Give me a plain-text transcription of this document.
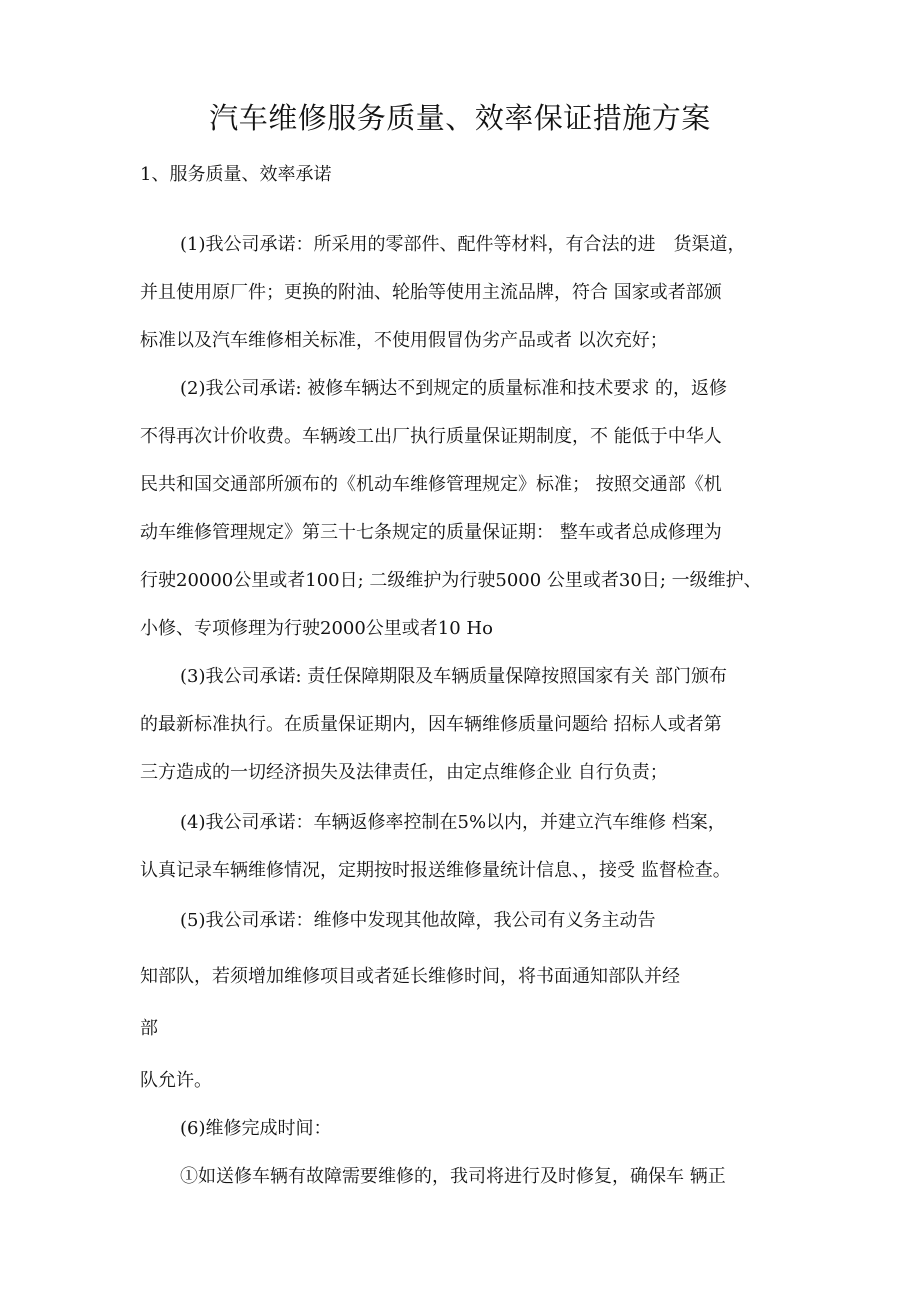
汽车维修服务质量、效率保证措施方案
1、服务质量、效率承诺
(1)我公司承诺：所采用的零部件、配件等材料，有合法的进　货渠道，
并且使用原厂件；更换的附油、轮胎等使用主流品牌，符合 国家或者部颁
标准以及汽车维修相关标准，不使用假冒伪劣产品或者 以次充好；
(2)我公司承诺: 被修车辆达不到规定的质量标准和技术要求 的，返修
不得再次计价收费。车辆竣工出厂执行质量保证期制度，不 能低于中华人
民共和国交通部所颁布的《机动车维修管理规定》标准； 按照交通部《机
动车维修管理规定》第三十七条规定的质量保证期： 整车或者总成修理为
行驶20000公里或者100日; 二级维护为行驶5000 公里或者30日; 一级维护、
小修、专项修理为行驶2000公里或者10 Ho
(3)我公司承诺: 责任保障期限及车辆质量保障按照国家有关 部门颁布
的最新标准执行。在质量保证期内，因车辆维修质量问题给 招标人或者第
三方造成的一切经济损失及法律责任，由定点维修企业 自行负责；
(4)我公司承诺：车辆返修率控制在5%以内，并建立汽车维修 档案，
认真记录车辆维修情况，定期按时报送维修量统计信息、，接受 监督检查。
(5)我公司承诺：维修中发现其他故障，我公司有义务主动告
知部队，若须增加维修项目或者延长维修时间，将书面通知部队并经
部
队允许。
(6)维修完成时间：
①如送修车辆有故障需要维修的，我司将进行及时修复，确保车 辆正
